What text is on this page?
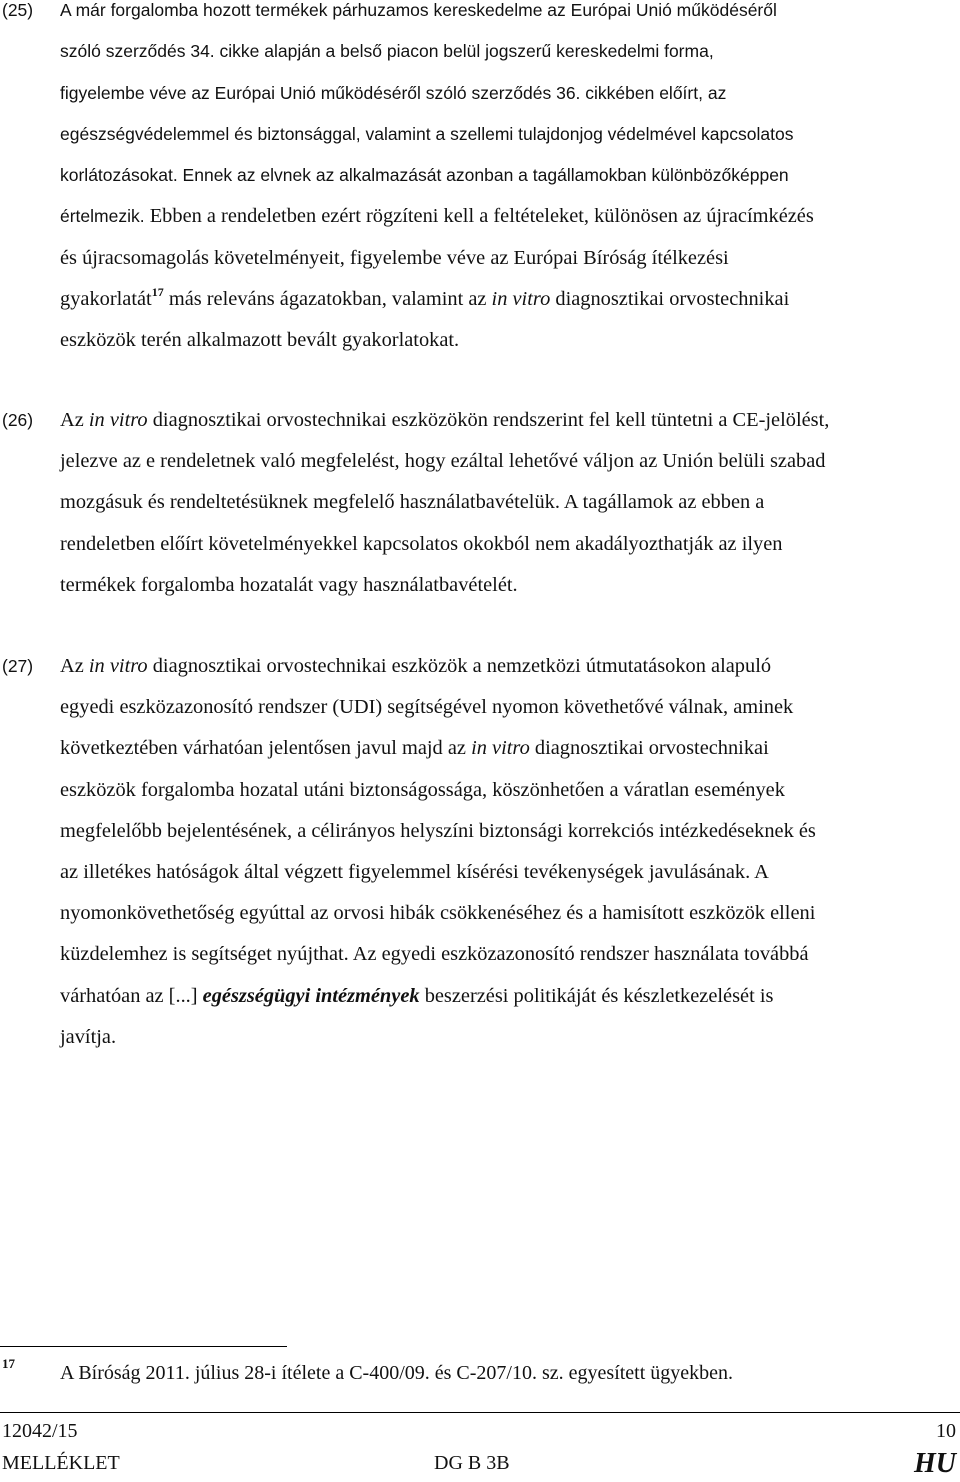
(25) A már forgalomba hozott termékek párhuzamos kereskedelme az Európai Unió működéséről
szóló szerződés 34. cikke alapján a belső piacon belül jogszerű kereskedelmi forma,
figyelembe véve az Európai Unió működéséről szóló szerződés 36. cikkében előírt, az
egészségvédelemmel és biztonsággal, valamint a szellemi tulajdonjog védelmével kapcsolatos
korlátozásokat. Ennek az elvnek az alkalmazását azonban a tagállamokban különbözőképpen
értelmezik. Ebben a rendeletben ezért rögzíteni kell a feltételeket, különösen az újracímkézés
és újracsomagolás követelményeit, figyelembe véve az Európai Bíróság ítélkezési
gyakorlatát$^{17}$ más releváns ágazatokban, valamint az in vitro diagnosztikai orvostechnikai
eszközök terén alkalmazott bevált gyakorlatokat.
(26) Az in vitro diagnosztikai orvostechnikai eszközökön rendszerint fel kell tüntetni a CE-jelölést,
jelezve az e rendeletnek való megfelelést, hogy ezáltal lehetővé váljon az Unión belüli szabad
mozgásuk és rendeltetésüknek megfelelő használatbavételük. A tagállamok az ebben a
rendeletben előírt követelményekkel kapcsolatos okokból nem akadályozthatják az ilyen
termékek forgalomba hozatalát vagy használatbavételét.
(27) Az in vitro diagnosztikai orvostechnikai eszközök a nemzetközi útmutatásokon alapuló
egyedi eszközazonosító rendszer (UDI) segítségével nyomon követhetővé válnak, aminek
következtében várhatóan jelentősen javul majd az in vitro diagnosztikai orvostechnikai
eszközök forgalomba hozatal utáni biztonságossága, köszönhetően a váratlan események
megfelelőbb bejelentésének, a célirányos helyszíni biztonsági korrekciós intézkedéseknek és
az illetékes hatóságok által végzett figyelemmel kísérési tevékenységek javulásának. A
nyomonkövethetőség egyúttal az orvosi hibák csökkenéséhez és a hamisított eszközök elleni
küzdelemhez is segítséget nyújthat. Az egyedi eszközazonosító rendszer használata továbbá
várhatóan az [...] egészségügyi intézmények beszerzési politikáját és készletkezelését is
javítja.
17 A Bíróság 2011. július 28-i ítélete a C-400/09. és C-207/10. sz. egyesített ügyekben.
12042/15	10
MELLÉKLET	DG B 3B	HU
